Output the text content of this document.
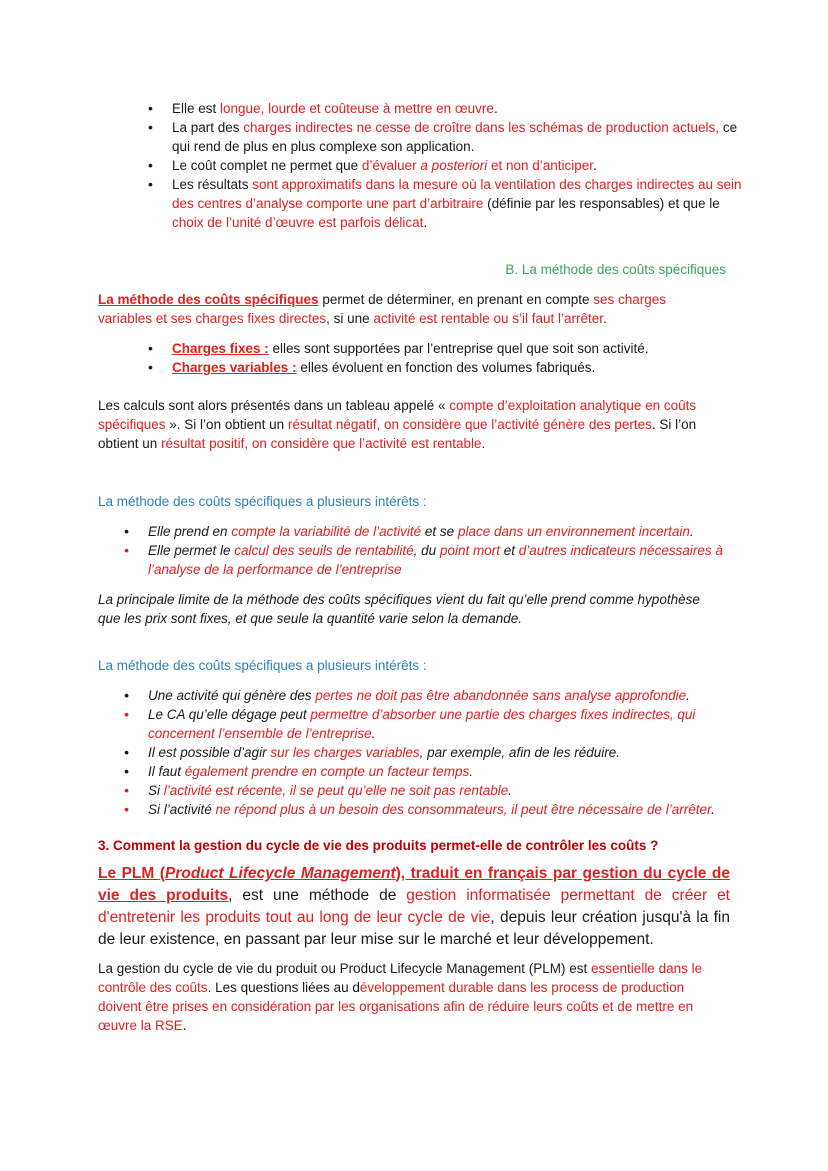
• Elle est longue, lourde et coûteuse à mettre en œuvre.
• La part des charges indirectes ne cesse de croître dans les schémas de production actuels, ce qui rend de plus en plus complexe son application.
• Le coût complet ne permet que d’évaluer a posteriori et non d’anticiper.
• Les résultats sont approximatifs dans la mesure où la ventilation des charges indirectes au sein des centres d’analyse comporte une part d’arbitraire (définie par les responsables) et que le choix de l’unité d’œuvre est parfois délicat.

B. La méthode des coûts spécifiques

La méthode des coûts spécifiques permet de déterminer, en prenant en compte ses charges variables et ses charges fixes directes, si une activité est rentable ou s’il faut l’arrêter.

• Charges fixes : elles sont supportées par l’entreprise quel que soit son activité.
• Charges variables : elles évoluent en fonction des volumes fabriqués.

Les calculs sont alors présentés dans un tableau appelé « compte d’exploitation analytique en coûts spécifiques ». Si l’on obtient un résultat négatif, on considère que l’activité génère des pertes. Si l’on obtient un résultat positif, on considère que l’activité est rentable.

La méthode des coûts spécifiques a plusieurs intérêts :

• Elle prend en compte la variabilité de l’activité et se place dans un environnement incertain.
• Elle permet le calcul des seuils de rentabilité, du point mort et d’autres indicateurs nécessaires à l’analyse de la performance de l’entreprise

La principale limite de la méthode des coûts spécifiques vient du fait qu’elle prend comme hypothèse que les prix sont fixes, et que seule la quantité varie selon la demande.

La méthode des coûts spécifiques a plusieurs intérêts :

• Une activité qui génère des pertes ne doit pas être abandonnée sans analyse approfondie.
• Le CA qu’elle dégage peut permettre d’absorber une partie des charges fixes indirectes, qui concernent l’ensemble de l’entreprise.
• Il est possible d’agir sur les charges variables, par exemple, afin de les réduire.
• Il faut également prendre en compte un facteur temps.
• Si l’activité est récente, il se peut qu’elle ne soit pas rentable.
• Si l’activité ne répond plus à un besoin des consommateurs, il peut être nécessaire de l’arrêter.

3. Comment la gestion du cycle de vie des produits permet-elle de contrôler les coûts ?

Le PLM (Product Lifecycle Management), traduit en français par gestion du cycle de vie des produits, est une méthode de gestion informatisée permettant de créer et d'entretenir les produits tout au long de leur cycle de vie, depuis leur création jusqu'à la fin de leur existence, en passant par leur mise sur le marché et leur développement.

La gestion du cycle de vie du produit ou Product Lifecycle Management (PLM) est essentielle dans le contrôle des coûts. Les questions liées au développement durable dans les process de production doivent être prises en considération par les organisations afin de réduire leurs coûts et de mettre en œuvre la RSE.
